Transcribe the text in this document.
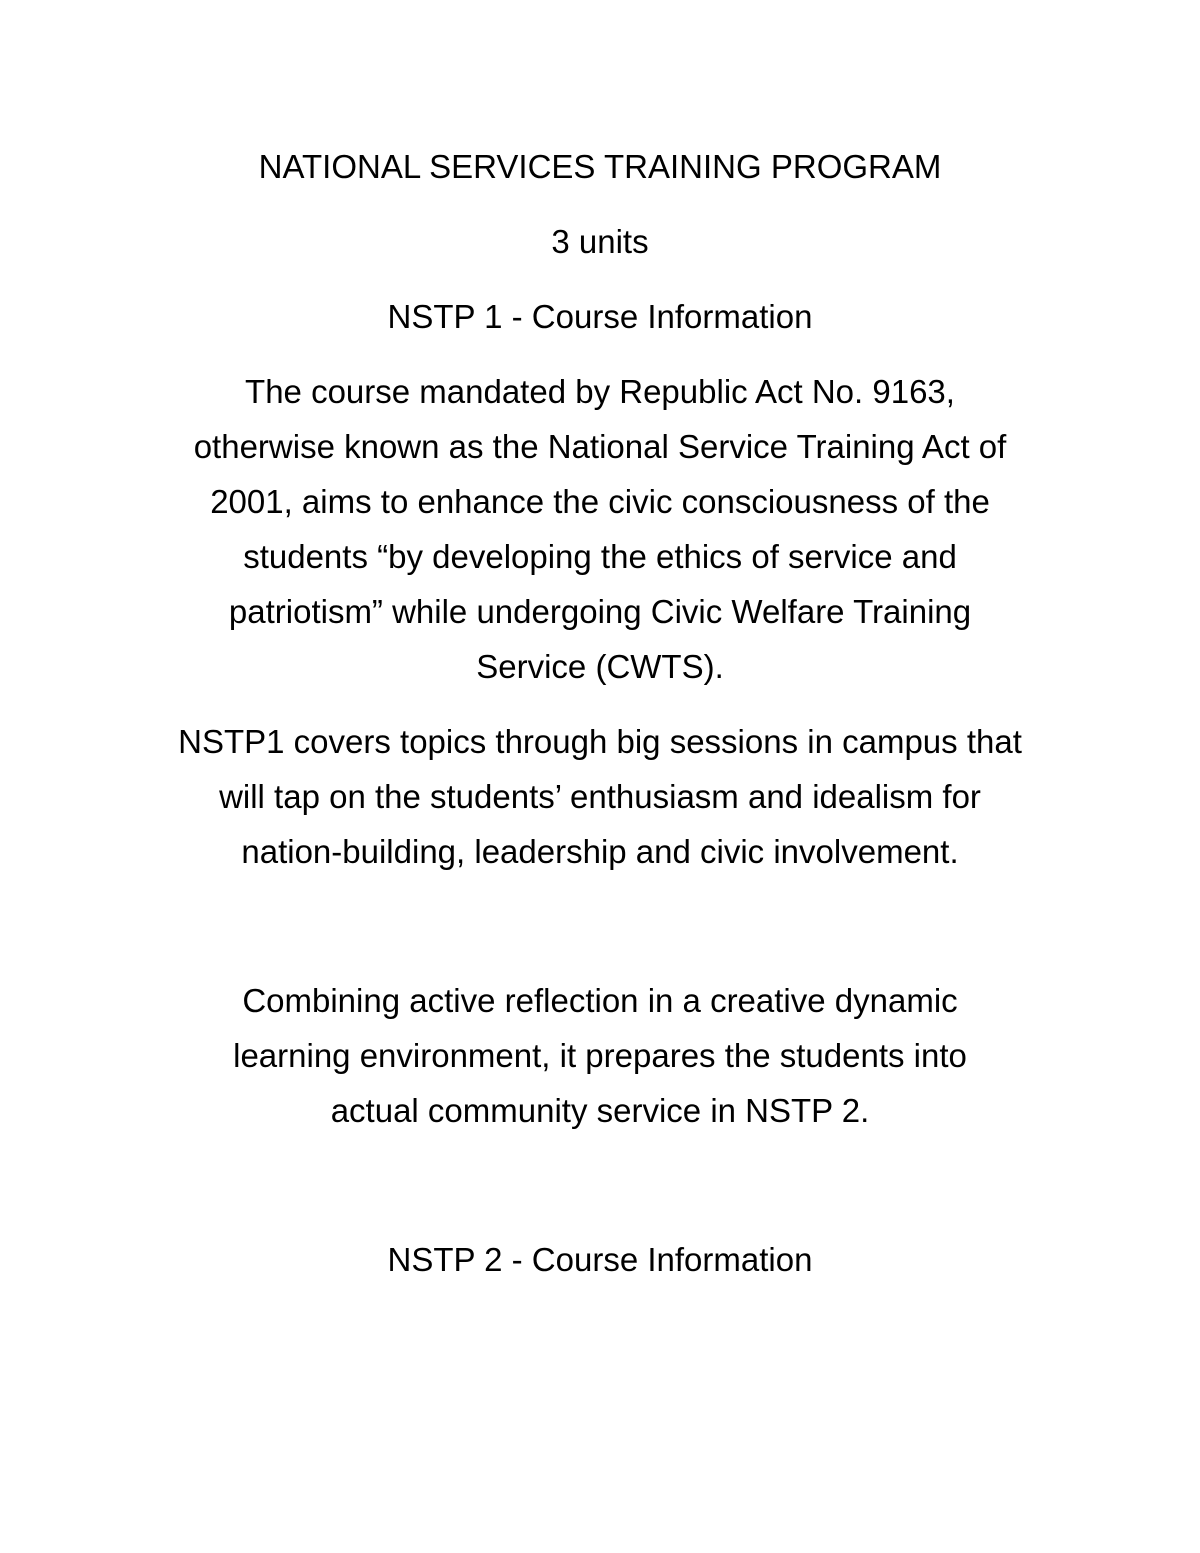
NATIONAL SERVICES TRAINING PROGRAM
3 units
NSTP 1 - Course Information
The course mandated by Republic Act No. 9163,
otherwise known as the National Service Training Act of
2001, aims to enhance the civic consciousness of the
students “by developing the ethics of service and
patriotism” while undergoing Civic Welfare Training
Service (CWTS).
NSTP1 covers topics through big sessions in campus that
will tap on the students’ enthusiasm and idealism for
nation-building, leadership and civic involvement.
Combining active reflection in a creative dynamic
learning environment, it prepares the students into
actual community service in NSTP 2.
NSTP 2 - Course Information
